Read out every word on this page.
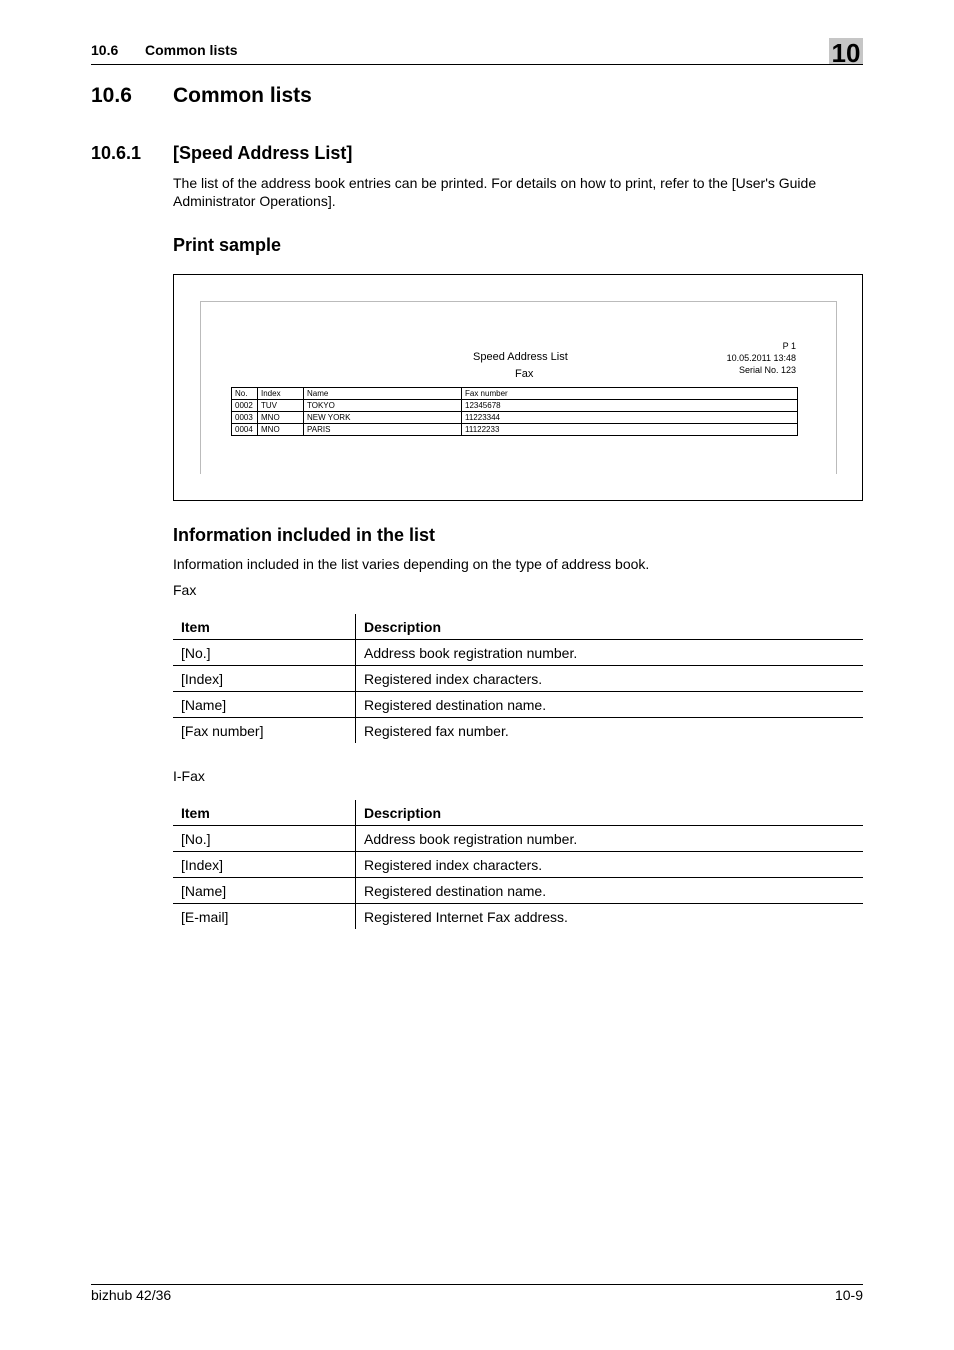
10.6 Common lists	10
10.6 Common lists
10.6.1 [Speed Address List]
The list of the address book entries can be printed. For details on how to print, refer to the [User's Guide Administrator Operations].
Print sample
Speed Address List
Fax
P 1
10.05.2011 13:48
Serial No. 123
No.	Index	Name	Fax number
0002	TUV	TOKYO	12345678
0003	MNO	NEW YORK	11223344
0004	MNO	PARIS	11122233
Information included in the list
Information included in the list varies depending on the type of address book.
Fax
Item	Description
[No.]	Address book registration number.
[Index]	Registered index characters.
[Name]	Registered destination name.
[Fax number]	Registered fax number.
I-Fax
Item	Description
[No.]	Address book registration number.
[Index]	Registered index characters.
[Name]	Registered destination name.
[E-mail]	Registered Internet Fax address.
bizhub 42/36	10-9
